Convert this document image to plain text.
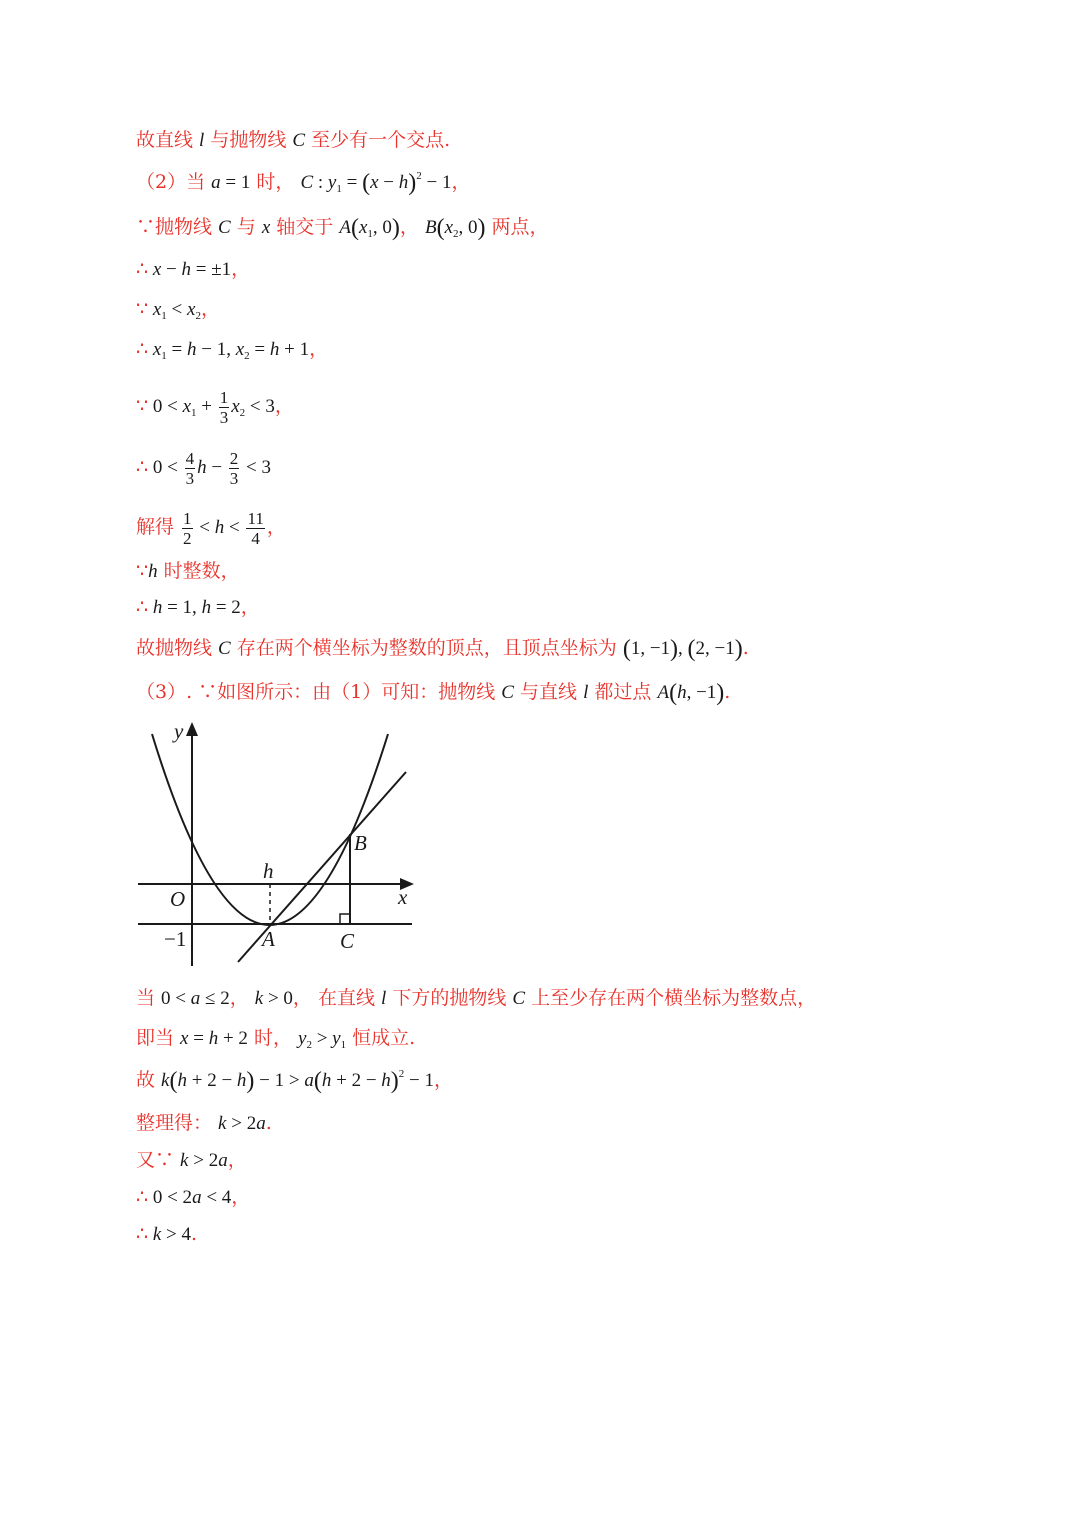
故直线 l 与抛物线 C 至少有一个交点.
（2）当 a = 1 时， C : $y_1 = (x - h)^2 - 1$，
∵抛物线 C 与 x 轴交于 $A(x_1$, 0)， $B(x_2$, 0) 两点，
∴ x − h = ±1，
∵ $x_1 < x_2$，
∴ $x_1 = h - 1$, $x_2 = h + 1$，
∵ $0 < x_1 + \frac{1}{3} x_2 < 3$，
∴ $0 < \frac{4}{3}$ $h - \frac{2}{3} < 3$
解得 $\frac{1}{2} < h < \frac{11}{4}$ ，
∵h 时整数，
∴ h = 1, h = 2，
故抛物线 C 存在两个横坐标为整数的顶点，且顶点坐标为 (1, −1), (2, −1).
（3）. ∵如图所示：由（1）可知：抛物线 C 与直线 l 都过点 A(h, −1).
y
x
O
h
B
A	C
−1
当 0 < a ≤ 2， k > 0， 在直线 l 下方的抛物线 C 上至少存在两个横坐标为整数点，
即当 x = h + 2 时， $y_2 > y_1$ 恒成立.
故 $k(h + 2 - h) - 1 > a(h + 2 - h)^2 - 1$，
整理得： k > 2a.
又∵ k > 2a，
∴ 0 < 2a < 4，
∴ k > 4.
